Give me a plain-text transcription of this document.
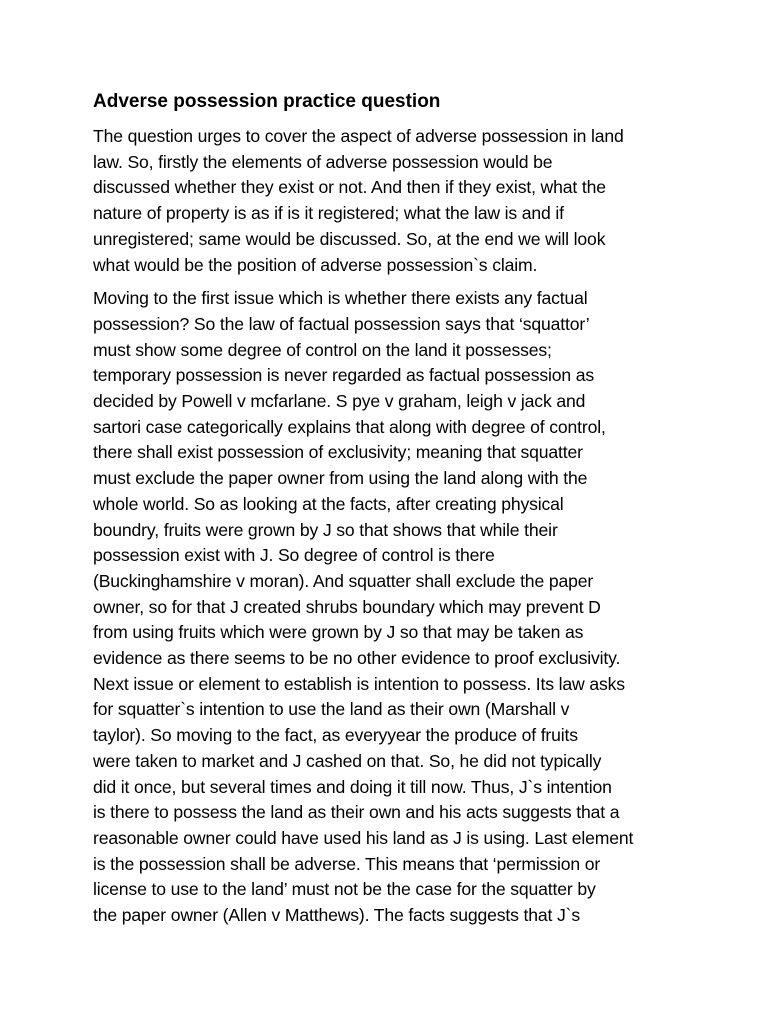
Adverse possession practice question
The question urges to cover the aspect of adverse possession in land
law. So, firstly the elements of adverse possession would be
discussed whether they exist or not. And then if they exist, what the
nature of property is as if is it registered; what the law is and if
unregistered; same would be discussed. So, at the end we will look
what would be the position of adverse possession`s claim.
Moving to the first issue which is whether there exists any factual
possession? So the law of factual possession says that ‘squattor’
must show some degree of control on the land it possesses;
temporary possession is never regarded as factual possession as
decided by Powell v mcfarlane. S pye v graham, leigh v jack and
sartori case categorically explains that along with degree of control,
there shall exist possession of exclusivity; meaning that squatter
must exclude the paper owner from using the land along with the
whole world. So as looking at the facts, after creating physical
boundry, fruits were grown by J so that shows that while their
possession exist with J. So degree of control is there
(Buckinghamshire v moran). And squatter shall exclude the paper
owner, so for that J created shrubs boundary which may prevent D
from using fruits which were grown by J so that may be taken as
evidence as there seems to be no other evidence to proof exclusivity.
Next issue or element to establish is intention to possess. Its law asks
for squatter`s intention to use the land as their own (Marshall v
taylor). So moving to the fact, as everyyear the produce of fruits
were taken to market and J cashed on that. So, he did not typically
did it once, but several times and doing it till now. Thus, J`s intention
is there to possess the land as their own and his acts suggests that a
reasonable owner could have used his land as J is using. Last element
is the possession shall be adverse. This means that ‘permission or
license to use to the land’ must not be the case for the squatter by
the paper owner (Allen v Matthews). The facts suggests that J`s
